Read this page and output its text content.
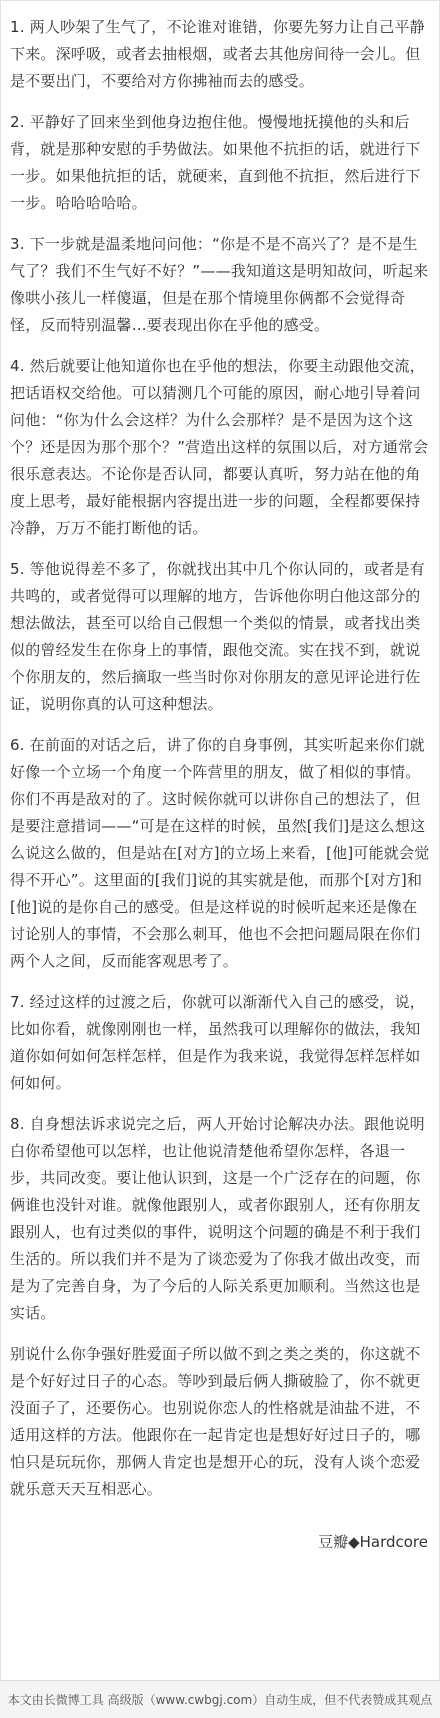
1. 两人吵架了生气了，不论谁对谁错，你要先努力让自己平静下来。深呼吸，或者去抽根烟，或者去其他房间待一会儿。但是不要出门，不要给对方你拂袖而去的感受。

2. 平静好了回来坐到他身边抱住他。慢慢地抚摸他的头和后背，就是那种安慰的手势做法。如果他不抗拒的话，就进行下一步。如果他抗拒的话，就硬来，直到他不抗拒，然后进行下一步。哈哈哈哈哈。

3. 下一步就是温柔地问问他：“你是不是不高兴了？是不是生气了？我们不生气好不好？”——我知道这是明知故问，听起来像哄小孩儿一样傻逼，但是在那个情境里你俩都不会觉得奇怪，反而特别温馨…要表现出你在乎他的感受。

4. 然后就要让他知道你也在乎他的想法，你要主动跟他交流，把话语权交给他。可以猜测几个可能的原因，耐心地引导着问问他：“你为什么会这样？为什么会那样？是不是因为这个这个？还是因为那个那个？”营造出这样的氛围以后，对方通常会很乐意表达。不论你是否认同，都要认真听，努力站在他的角度上思考，最好能根据内容提出进一步的问题，全程都要保持冷静，万万不能打断他的话。

5. 等他说得差不多了，你就找出其中几个你认同的，或者是有共鸣的，或者觉得可以理解的地方，告诉他你明白他这部分的想法做法，甚至可以给自己假想一个类似的情景，或者找出类似的曾经发生在你身上的事情，跟他交流。实在找不到，就说个你朋友的，然后摘取一些当时你对你朋友的意见评论进行佐证，说明你真的认可这种想法。

6. 在前面的对话之后，讲了你的自身事例，其实听起来你们就好像一个立场一个角度一个阵营里的朋友，做了相似的事情。你们不再是敌对的了。这时候你就可以讲你自己的想法了，但是要注意措词——“可是在这样的时候，虽然[我们]是这么想这么说这么做的，但是站在[对方]的立场上来看，[他]可能就会觉得不开心”。这里面的[我们]说的其实就是他，而那个[对方]和[他]说的是你自己的感受。但是这样说的时候听起来还是像在讨论别人的事情，不会那么刺耳，他也不会把问题局限在你们两个人之间，反而能客观思考了。

7. 经过这样的过渡之后，你就可以渐渐代入自己的感受，说，比如你看，就像刚刚也一样，虽然我可以理解你的做法，我知道你如何如何怎样怎样，但是作为我来说，我觉得怎样怎样如何如何。

8. 自身想法诉求说完之后，两人开始讨论解决办法。跟他说明白你希望他可以怎样，也让他说清楚他希望你怎样，各退一步，共同改变。要让他认识到，这是一个广泛存在的问题，你俩谁也没针对谁。就像他跟别人，或者你跟别人，还有你朋友跟别人，也有过类似的事件，说明这个问题的确是不利于我们生活的。所以我们并不是为了谈恋爱为了你我才做出改变，而是为了完善自身，为了今后的人际关系更加顺利。当然这也是实话。

别说什么你争强好胜爱面子所以做不到之类之类的，你这就不是个好好过日子的心态。等吵到最后俩人撕破脸了，你不就更没面子了，还要伤心。也别说你恋人的性格就是油盐不进，不适用这样的方法。他跟你在一起肯定也是想好好过日子的，哪怕只是玩玩你，那俩人肯定也是想开心的玩，没有人谈个恋爱就乐意天天互相恶心。

豆瓣◆Hardcore
本文由长微博工具 高级版（www.cwbgj.com）自动生成，但不代表赞成其观点
